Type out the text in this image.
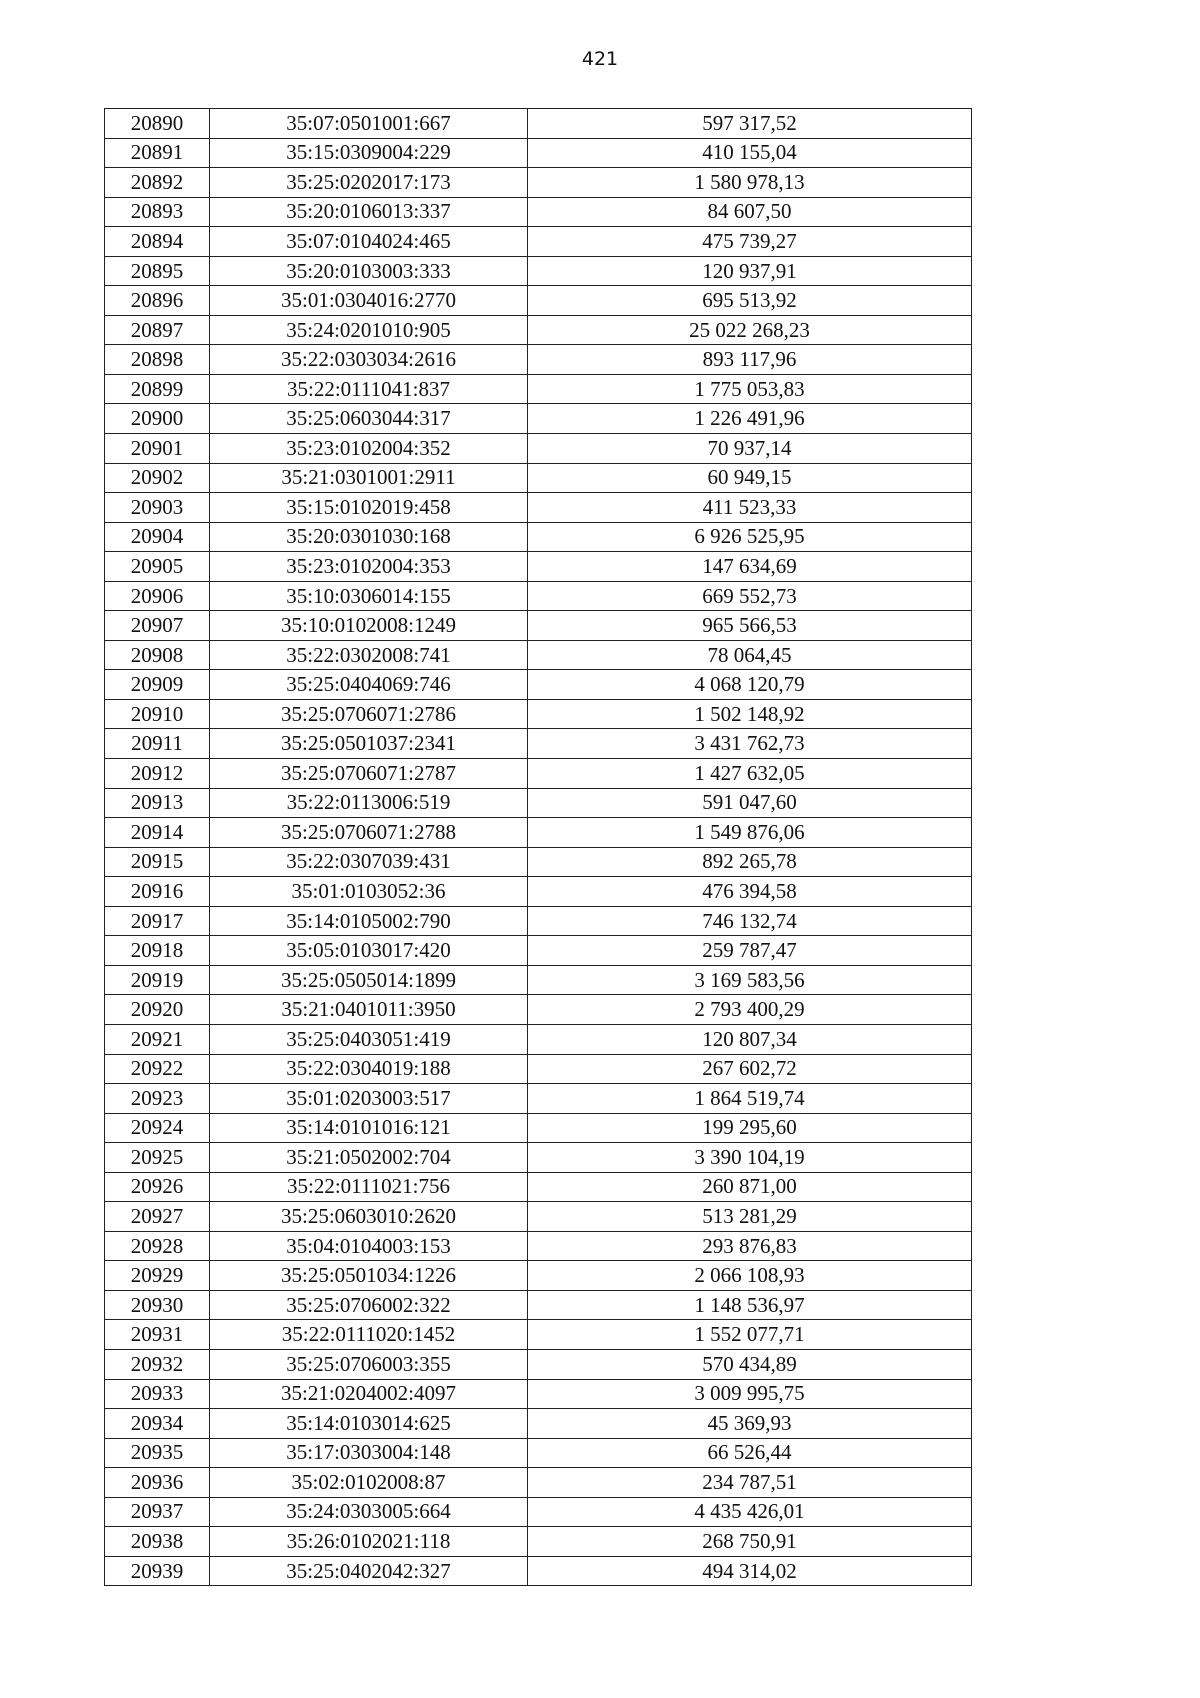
421
20890	35:07:0501001:667	597 317,52
20891	35:15:0309004:229	410 155,04
20892	35:25:0202017:173	1 580 978,13
20893	35:20:0106013:337	84 607,50
20894	35:07:0104024:465	475 739,27
20895	35:20:0103003:333	120 937,91
20896	35:01:0304016:2770	695 513,92
20897	35:24:0201010:905	25 022 268,23
20898	35:22:0303034:2616	893 117,96
20899	35:22:0111041:837	1 775 053,83
20900	35:25:0603044:317	1 226 491,96
20901	35:23:0102004:352	70 937,14
20902	35:21:0301001:2911	60 949,15
20903	35:15:0102019:458	411 523,33
20904	35:20:0301030:168	6 926 525,95
20905	35:23:0102004:353	147 634,69
20906	35:10:0306014:155	669 552,73
20907	35:10:0102008:1249	965 566,53
20908	35:22:0302008:741	78 064,45
20909	35:25:0404069:746	4 068 120,79
20910	35:25:0706071:2786	1 502 148,92
20911	35:25:0501037:2341	3 431 762,73
20912	35:25:0706071:2787	1 427 632,05
20913	35:22:0113006:519	591 047,60
20914	35:25:0706071:2788	1 549 876,06
20915	35:22:0307039:431	892 265,78
20916	35:01:0103052:36	476 394,58
20917	35:14:0105002:790	746 132,74
20918	35:05:0103017:420	259 787,47
20919	35:25:0505014:1899	3 169 583,56
20920	35:21:0401011:3950	2 793 400,29
20921	35:25:0403051:419	120 807,34
20922	35:22:0304019:188	267 602,72
20923	35:01:0203003:517	1 864 519,74
20924	35:14:0101016:121	199 295,60
20925	35:21:0502002:704	3 390 104,19
20926	35:22:0111021:756	260 871,00
20927	35:25:0603010:2620	513 281,29
20928	35:04:0104003:153	293 876,83
20929	35:25:0501034:1226	2 066 108,93
20930	35:25:0706002:322	1 148 536,97
20931	35:22:0111020:1452	1 552 077,71
20932	35:25:0706003:355	570 434,89
20933	35:21:0204002:4097	3 009 995,75
20934	35:14:0103014:625	45 369,93
20935	35:17:0303004:148	66 526,44
20936	35:02:0102008:87	234 787,51
20937	35:24:0303005:664	4 435 426,01
20938	35:26:0102021:118	268 750,91
20939	35:25:0402042:327	494 314,02
